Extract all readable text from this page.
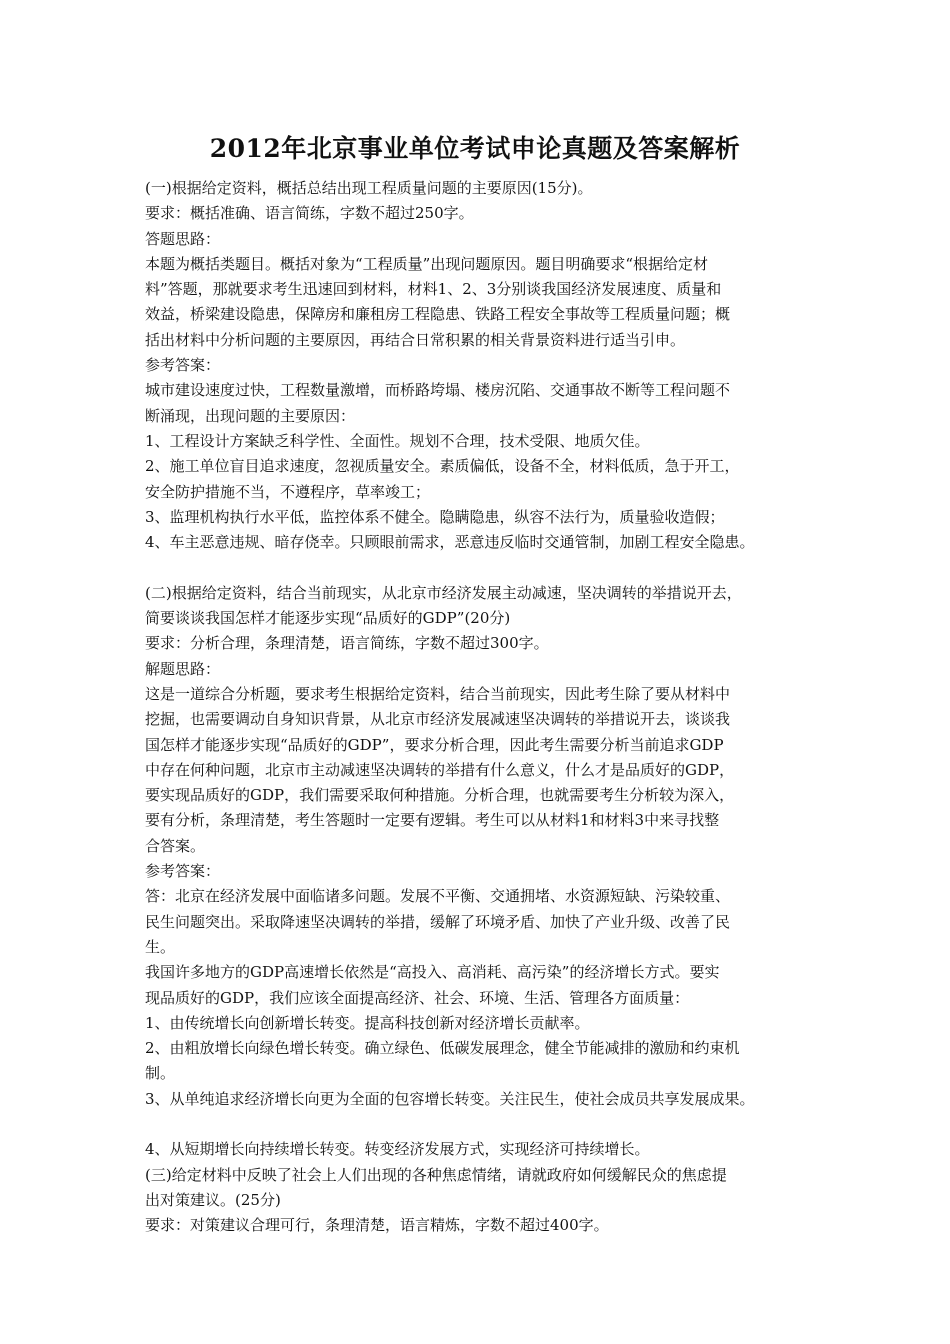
2012年北京事业单位考试申论真题及答案解析

(一)根据给定资料，概括总结出现工程质量问题的主要原因(15分)。

要求：概括准确、语言简练，字数不超过250字。

答题思路：

本题为概括类题目。概括对象为“工程质量”出现问题原因。题目明确要求“根据给定材

料”答题，那就要求考生迅速回到材料，材料1、2、3分别谈我国经济发展速度、质量和

效益，桥梁建设隐患，保障房和廉租房工程隐患、铁路工程安全事故等工程质量问题；概

括出材料中分析问题的主要原因，再结合日常积累的相关背景资料进行适当引申。

参考答案：

城市建设速度过快，工程数量激增，而桥路垮塌、楼房沉陷、交通事故不断等工程问题不

断涌现，出现问题的主要原因：

1、工程设计方案缺乏科学性、全面性。规划不合理，技术受限、地质欠佳。

2、施工单位盲目追求速度，忽视质量安全。素质偏低，设备不全，材料低质，急于开工，

安全防护措施不当，不遵程序，草率竣工；

3、监理机构执行水平低，监控体系不健全。隐瞒隐患，纵容不法行为，质量验收造假；

4、车主恶意违规、暗存侥幸。只顾眼前需求，恶意违反临时交通管制，加剧工程安全隐患。

(二)根据给定资料，结合当前现实，从北京市经济发展主动减速，坚决调转的举措说开去，

简要谈谈我国怎样才能逐步实现“品质好的GDP”(20分)

要求：分析合理，条理清楚，语言简练，字数不超过300字。

解题思路：

这是一道综合分析题，要求考生根据给定资料，结合当前现实，因此考生除了要从材料中

挖掘，也需要调动自身知识背景，从北京市经济发展减速坚决调转的举措说开去，谈谈我

国怎样才能逐步实现“品质好的GDP”，要求分析合理，因此考生需要分析当前追求GDP

中存在何种问题，北京市主动减速坚决调转的举措有什么意义，什么才是品质好的GDP，

要实现品质好的GDP，我们需要采取何种措施。分析合理，也就需要考生分析较为深入，

要有分析，条理清楚，考生答题时一定要有逻辑。考生可以从材料1和材料3中来寻找整

合答案。

参考答案：

答：北京在经济发展中面临诸多问题。发展不平衡、交通拥堵、水资源短缺、污染较重、

民生问题突出。采取降速坚决调转的举措，缓解了环境矛盾、加快了产业升级、改善了民

生。

我国许多地方的GDP高速增长依然是“高投入、高消耗、高污染”的经济增长方式。要实

现品质好的GDP，我们应该全面提高经济、社会、环境、生活、管理各方面质量：

1、由传统增长向创新增长转变。提高科技创新对经济增长贡献率。

2、由粗放增长向绿色增长转变。确立绿色、低碳发展理念，健全节能减排的激励和约束机

制。

3、从单纯追求经济增长向更为全面的包容增长转变。关注民生，使社会成员共享发展成果。

4、从短期增长向持续增长转变。转变经济发展方式，实现经济可持续增长。

(三)给定材料中反映了社会上人们出现的各种焦虑情绪，请就政府如何缓解民众的焦虑提

出对策建议。(25分)

要求：对策建议合理可行，条理清楚，语言精炼，字数不超过400字。
